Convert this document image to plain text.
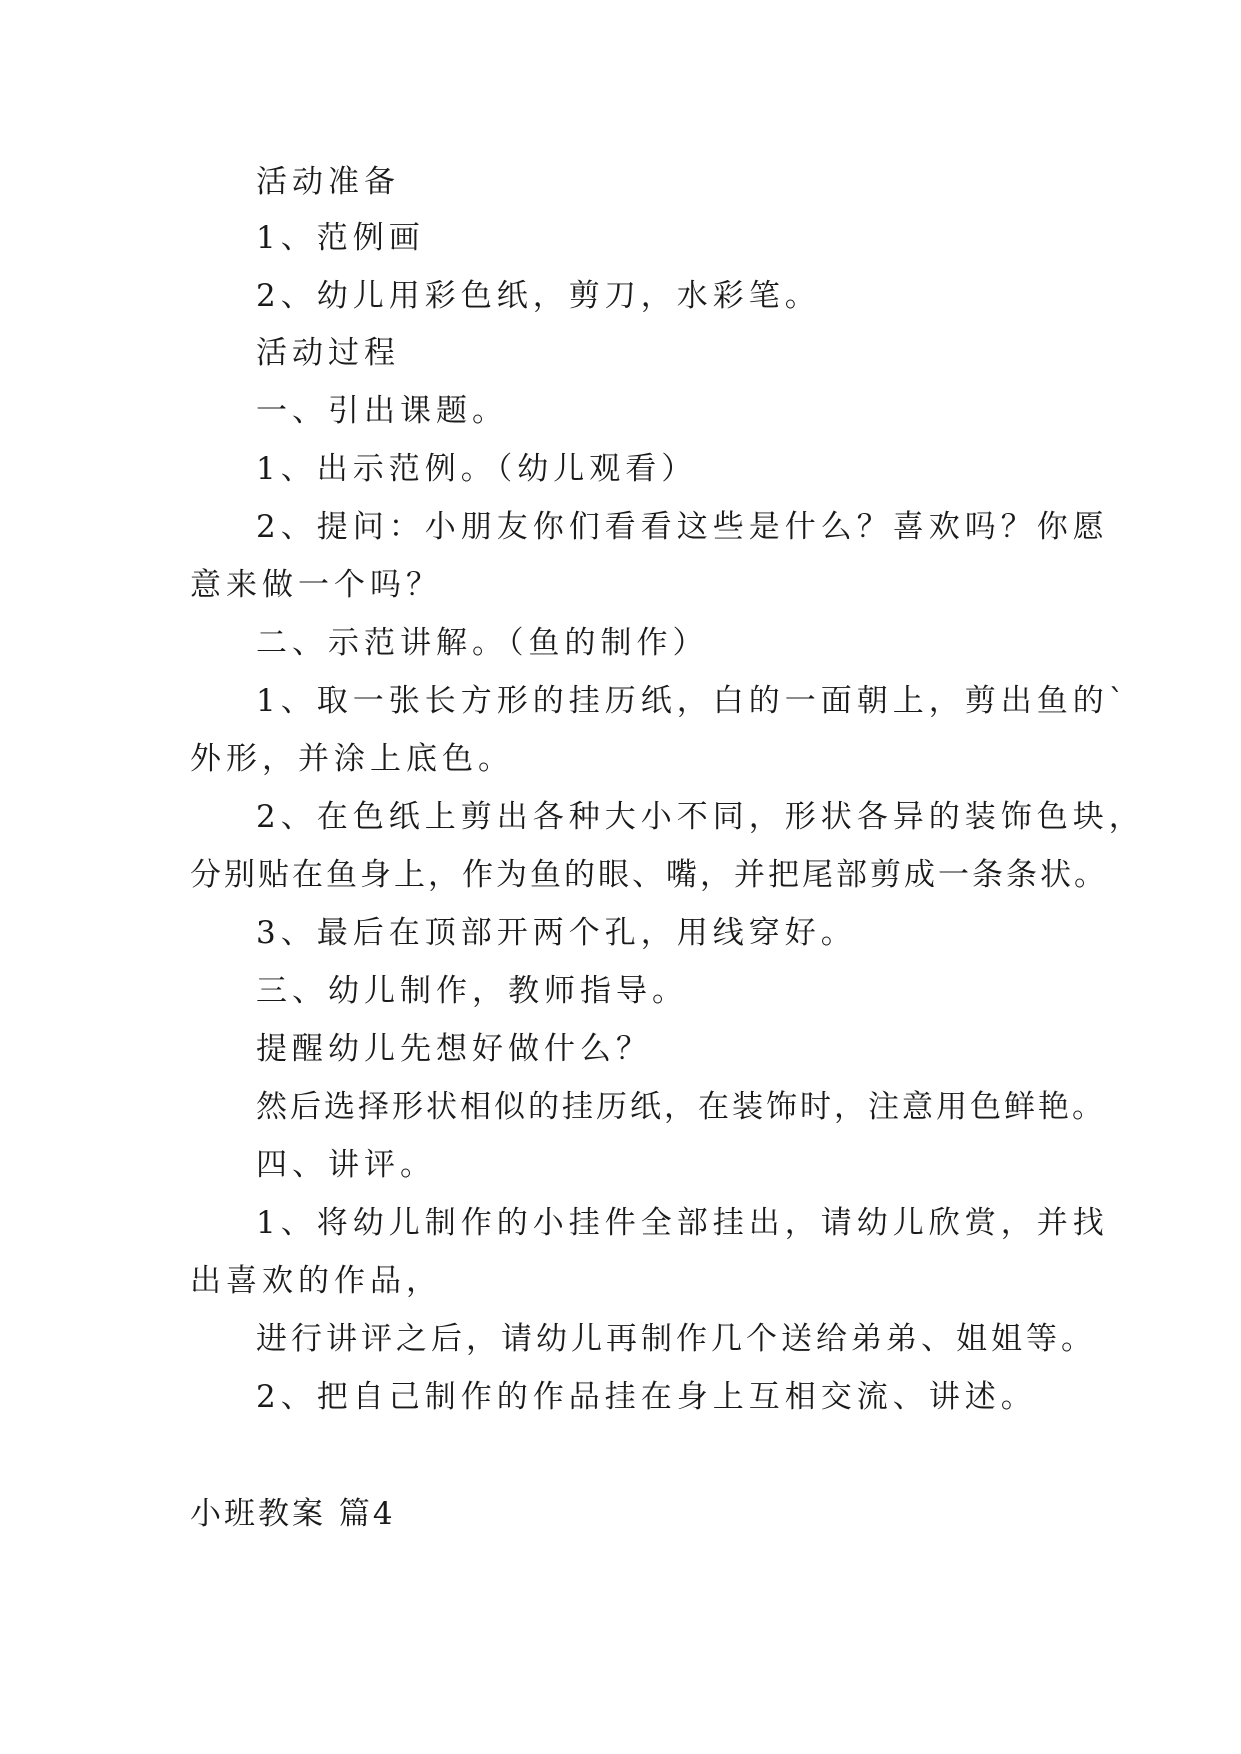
活动准备
1、范例画
2、幼儿用彩色纸，剪刀，水彩笔。
活动过程
一、引出课题。
1、出示范例。（幼儿观看）
2、提问：小朋友你们看看这些是什么？喜欢吗？你愿
意来做一个吗？
二、示范讲解。（鱼的制作）
1、取一张长方形的挂历纸，白的一面朝上，剪出鱼的`
外形，并涂上底色。
2、在色纸上剪出各种大小不同，形状各异的装饰色块，
分别贴在鱼身上，作为鱼的眼、嘴，并把尾部剪成一条条状。
3、最后在顶部开两个孔，用线穿好。
三、幼儿制作，教师指导。
提醒幼儿先想好做什么？
然后选择形状相似的挂历纸，在装饰时，注意用色鲜艳。
四、讲评。
1、将幼儿制作的小挂件全部挂出，请幼儿欣赏，并找
出喜欢的作品，
进行讲评之后，请幼儿再制作几个送给弟弟、姐姐等。
2、把自己制作的作品挂在身上互相交流、讲述。
小班教案 篇4
